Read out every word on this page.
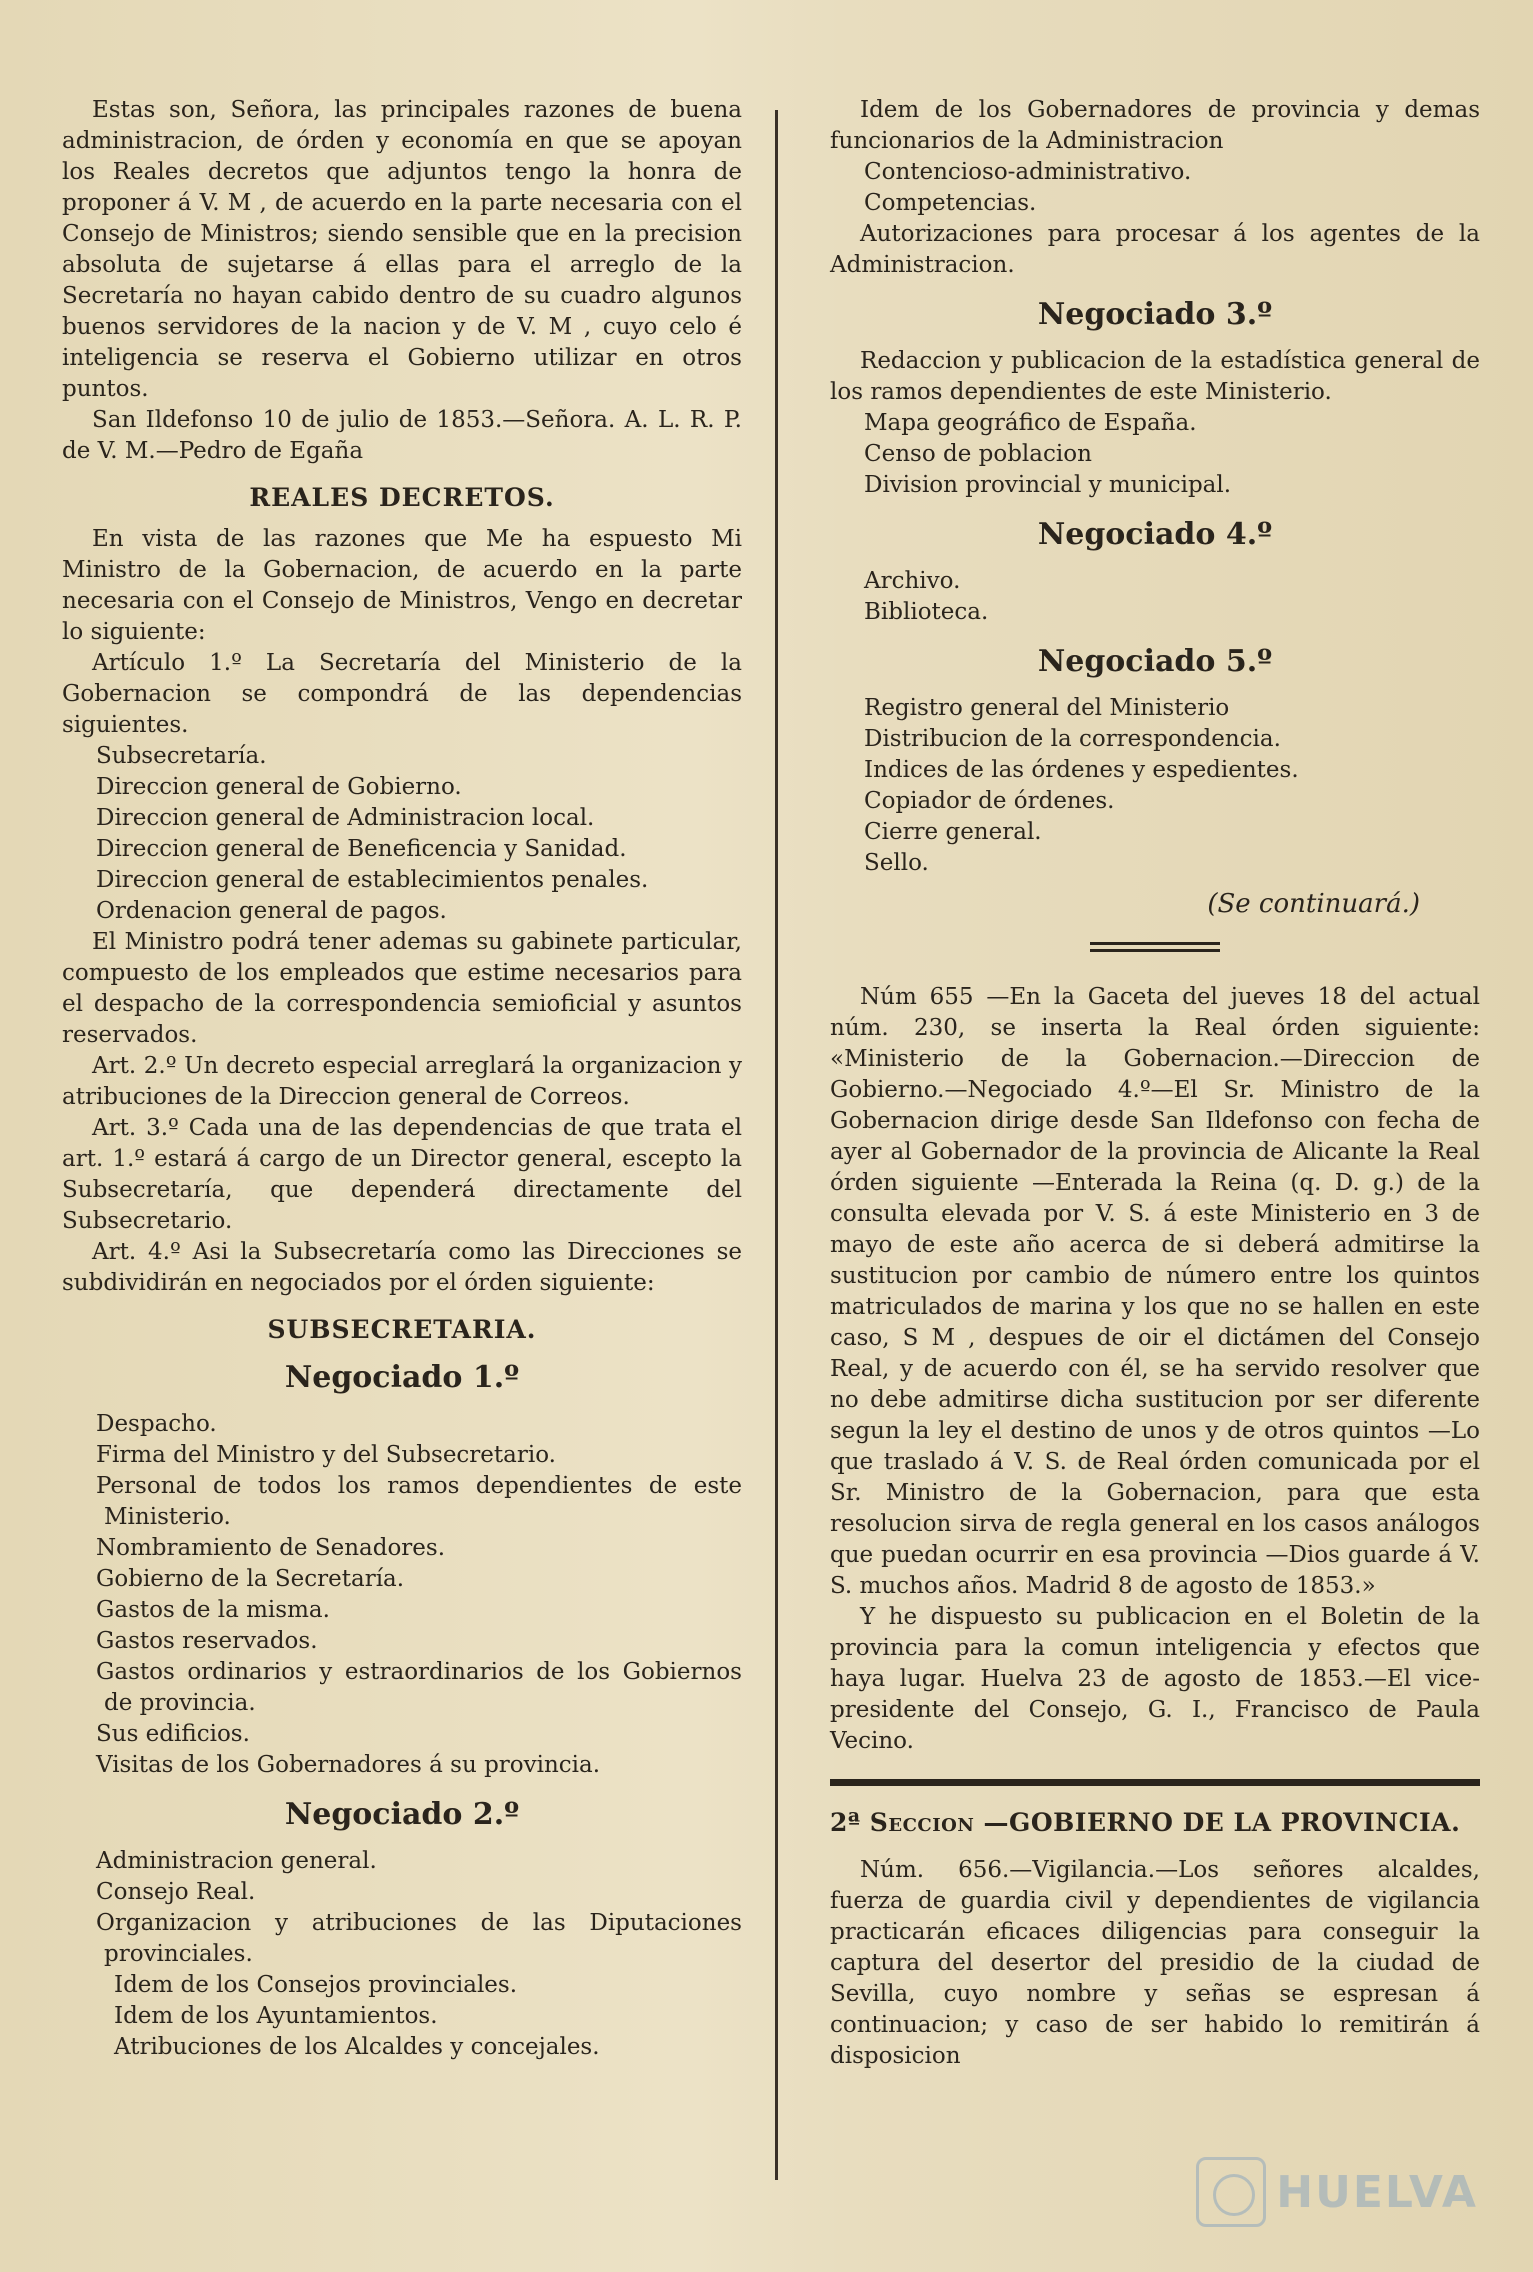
Estas son, Señora, las principales razones de buena administracion, de órden y economía en que se apoyan los Reales decretos que adjuntos tengo la honra de proponer á V. M , de acuerdo en la parte necesaria con el Consejo de Ministros; siendo sensible que en la precision absoluta de sujetarse á ellas para el arreglo de la Secretaría no hayan cabido dentro de su cuadro algunos buenos servidores de la nacion y de V. M , cuyo celo é inteligencia se reserva el Gobierno utilizar en otros puntos.

San Ildefonso 10 de julio de 1853.—Señora. A. L. R. P. de V. M.—Pedro de Egaña

REALES DECRETOS.

En vista de las razones que Me ha espuesto Mi Ministro de la Gobernacion, de acuerdo en la parte necesaria con el Consejo de Ministros, Vengo en decretar lo siguiente:

Artículo 1.º La Secretaría del Ministerio de la Gobernacion se compondrá de las dependencias siguientes.

Subsecretaría.

Direccion general de Gobierno.

Direccion general de Administracion local.

Direccion general de Beneficencia y Sanidad.

Direccion general de establecimientos penales.

Ordenacion general de pagos.

El Ministro podrá tener ademas su gabinete particular, compuesto de los empleados que estime necesarios para el despacho de la correspondencia semioficial y asuntos reservados.

Art. 2.º Un decreto especial arreglará la organizacion y atribuciones de la Direccion general de Correos.

Art. 3.º Cada una de las dependencias de que trata el art. 1.º estará á cargo de un Director general, escepto la Subsecretaría, que dependerá directamente del Subsecretario.

Art. 4.º Asi la Subsecretaría como las Direcciones se subdividirán en negociados por el órden siguiente:

SUBSECRETARIA.
Negociado 1.º

Despacho.

Firma del Ministro y del Subsecretario.

Personal de todos los ramos dependientes de este Ministerio.

Nombramiento de Senadores.

Gobierno de la Secretaría.

Gastos de la misma.

Gastos reservados.

Gastos ordinarios y estraordinarios de los Gobiernos de provincia.

Sus edificios.

Visitas de los Gobernadores á su provincia.

Negociado 2.º

Administracion general.

Consejo Real.

Organizacion y atribuciones de las Diputaciones provinciales.

Idem de los Consejos provinciales.

Idem de los Ayuntamientos.

Atribuciones de los Alcaldes y concejales.

Idem de los Gobernadores de provincia y demas funcionarios de la Administracion

Contencioso-administrativo.

Competencias.

Autorizaciones para procesar á los agentes de la Administracion.

Negociado 3.º

Redaccion y publicacion de la estadística general de los ramos dependientes de este Ministerio.

Mapa geográfico de España.

Censo de poblacion

Division provincial y municipal.

Negociado 4.º

Archivo.

Biblioteca.

Negociado 5.º

Registro general del Ministerio

Distribucion de la correspondencia.

Indices de las órdenes y espedientes.

Copiador de órdenes.

Cierre general.

Sello.

(Se continuará.)

Núm 655 —En la Gaceta del jueves 18 del actual núm. 230, se inserta la Real órden siguiente: «Ministerio de la Gobernacion.—Direccion de Gobierno.—Negociado 4.º—El Sr. Ministro de la Gobernacion dirige desde San Ildefonso con fecha de ayer al Gobernador de la provincia de Alicante la Real órden siguiente —Enterada la Reina (q. D. g.) de la consulta elevada por V. S. á este Ministerio en 3 de mayo de este año acerca de si deberá admitirse la sustitucion por cambio de número entre los quintos matriculados de marina y los que no se hallen en este caso, S M , despues de oir el dictámen del Consejo Real, y de acuerdo con él, se ha servido resolver que no debe admitirse dicha sustitucion por ser diferente segun la ley el destino de unos y de otros quintos —Lo que traslado á V. S. de Real órden comunicada por el Sr. Ministro de la Gobernacion, para que esta resolucion sirva de regla general en los casos análogos que puedan ocurrir en esa provincia —Dios guarde á V. S. muchos años. Madrid 8 de agosto de 1853.»

Y he dispuesto su publicacion en el Boletin de la provincia para la comun inteligencia y efectos que haya lugar. Huelva 23 de agosto de 1853.—El vice-presidente del Consejo, G. I., Francisco de Paula Vecino.

2ª Seccion —GOBIERNO DE LA PROVINCIA.

Núm. 656.—Vigilancia.—Los señores alcaldes, fuerza de guardia civil y dependientes de vigilancia practicarán eficaces diligencias para conseguir la captura del desertor del presidio de la ciudad de Sevilla, cuyo nombre y señas se espresan á continuacion; y caso de ser habido lo remitirán á disposicion

HUELVA
